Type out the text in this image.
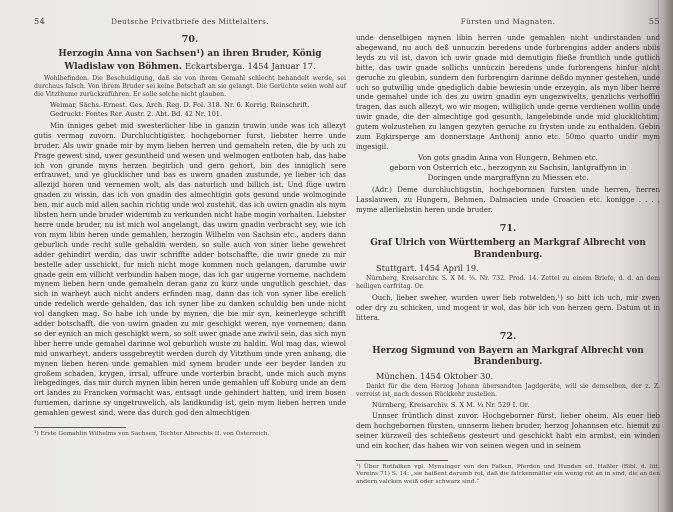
54	Deutsche Privatbriefe des Mittelalters.
70.
Herzogin Anna von Sachsen¹) an ihren Bruder, König Wladislaw von Böhmen. Eckartsberga. 1454 Januar 17.
Wohlbefinden. Die Beschuldigung, daß sie von ihrem Gemahl schlecht behandelt werde, sei durchaus falsch. Von ihrem Bruder sei keine Botschaft an sie gelangt. Die Gerüchte seien wohl auf die Vitzthume zurückzuführen. Er solle solche nicht glauben.
Weimar, Sächs.-Ernest. Ges. Arch. Reg. D. Fol. 318. Nr. 6. Korrig. Reinschrift.
Gedruckt: Fontes Rer. Austr. 2. Abt. Bd. 42 Nr. 101.
Min inniges gebet mid swesterlicher libe in ganzin truwin unde was ich allezyt gutis vermag zuvorn. Durchluchtigister, hochgeborner furst, liebster herre unde bruder. Als uwir gnade mir by mym lieben herren und gemaheln reten, die by uch zu Prage gewest sind, uwer gesuntheid und wesen und welmogen entboten hab, das habe ich von grunde myns herzen begirlich und gern gehort, bin des inniglich sere erfrauwet, und ye glucklicher und bas es uwern gnaden zustunde, ye lieber ich das allezijd horen und vernemen wolt, als das naturlich und billich ist. Und füge uwirn gnaden zu wissin, das ich von gnadin des almechtigin gots gesund unde wolmoginde ben, mir auch mid allen sachin richtig unde wol zustehit, das ich uwirn gnadin als mym libsten hern unde bruder widerumb zu verkunden nicht habe mogin vorhalten. Liebster herre unde bruder, nu ist mich wol angelangt, das uwirn gnadin verbracht sey, wie ich von mym libin heren unde gemahlen, herzogin Wilhelm von Sachsin etc., anders dann geburlich unde recht sulle gehaldin werden, so sulle auch von siner liebe gewehret adder gehindirt werdin, das uwir schriffte adder botschaffte, die uwir gnede zu mir bestelle ader usschickt, fur mich nicht moge kommen noch gelangen, darumbe uwir gnade gein em villicht verbundin haben moge, das ich gar ungerne vorneme, nachdem mynem lieben hern unde gemaheln deran ganz zu kurz unde ungutlich geschiet, das sich in warheyt auch nicht anders erfinden mag, dann das ich von syner libe erelich unde redelich werde gehalden, das ich syner libe zu danken schuldig ben unde nicht vol dangken mag. So habe ich unde by mynen, die bie mir syn, keinerleyge schrifft adder botschafft, die von uwirn gnaden zu mir geschigkt weren, nye vornemen; dann so der eynich an mich geschigkt wern, so solt uwer gnade ane zwivil sein, das sich myn liber herre unde gemahel darinne wol geburlich wuste zu haldin. Wol mag das, wiewol mid unwarheyt, anders ussgebreytit werden durch dy Vitzthum unde yren anhang, die mynen lieben heren unde gemahlen mid synem bruder unde eer beyder landen zu großem schaden, krygen, irrsal, uffrure unde vorterbin bracht, unde mich auch myns liebgedinges, das mir durch mynen libin heren unde gemahlen uff Koburg unde an dem ort landes zu Francken vormacht was, entsagt unde gehindert hatten, und irem bosen furnemen, darinne sy ungetruwelich, als landkundig ist, gein mym lieben herren unde gemahlen gewest sind, were das durch god den almechtigen
¹) Erste Gemahlin Wilhelms von Sachsen, Tochter Albrechts II. von Österreich.
Fürsten und Magnaten.	55
unde denselbigen mynen libin herren unde gemahlen nicht undirstanden und abegewand, nu auch deß unnuczin beredens unde furbrengins adder anders ubils leyds zu vil ist, davon ich uwir gnade mid demutigin fließe fruntlich unde gutlich bitte, das uwir gnade sollichs unnüczin beredens unde furbrengens hinfur nicht geruche zu gleubin, sundern den furbrengirn darinne deßdo mynner gestehen, unde uch so gutwillig unde gnediglich dabie bewiesin unde erzeygin, als myn liber herre unde gemahel unde ich des zu uwirn gnadin eyn ungezwivelts, genzlichs verhoffin tragen, das auch allezyt, wo wir mogen, williglich unde gerne verdienen wollin unde uwir gnade, die der almechtige god gesunth, langelebinde unde mid glucklichtim, gutem wolzustehen zu langen gezyten geruche zu frysten unde zu enthalden. Gebin zum Egkirsperge am donnerstage Anthonij anno etc. 50mo quarto undir mym ingesigil.
Von gots gnadin Anna von Hungern, Behmen etc.
geborn von Osterrich etc., herzogynn zu Sachsin, lantgraffynn in
Doringen unde margraffynn zu Miessen etc.
(Adr.) Deme durchluchtigstin, hochgebornnen fursten unde herren, herren Lasslauwen, zu Hungern, Behmen, Dalmacien unde Croacien etc. konigge . . . , myme allerliebstin heren unde bruder.
71.
Graf Ulrich von Württemberg an Markgraf Albrecht von Brandenburg.
Stuttgart. 1454 April 19.
Nürnberg, Kreisarchiv. S. X M. ⅛. Nr. 732. Prod. 14. Zettel zu einem Briefe, d. d. an dem heiligen carfritag. Or.
Ouch, lieber sweher, wurden uwer lieb rotwelden,¹) so bitt ich uch, mir zwen oder dry zu schicken, und mogent ir wol, das hör ich von herzen gern. Datum ut in littera.
72.
Herzog Sigmund von Bayern an Markgraf Albrecht von Brandenburg.
München. 1454 Oktober 30.
Dankt für die dem Herzog Johann übersandten Jagdgeräte, will sie demselben, der z. Z. verreist ist, nach dessen Rückkehr zustellen.
Nürnberg, Kreisarchiv. S. X M. ¼ Nr. 529 I. Or.
Unnser früntlich dinst zuvor. Hochgeborner fürst, lieber oheim. Als euer lieb dem hochgebornen fürsten, unnserm lieben bruder, herzog Johannsen etc. hiemit zu seiner kürzweil des schießens gesteurt und geschickt habt ein armbst, ein winden und ein kocher, das haben wir von seinen wegen und in seinem
¹) Über Rotfalken vgl. Mynsinger von den Falken, Pferden und Hunden ed. Haßler (Bibl. d. litt. Vereins 71) S. 14: „sie haißent darumb rot, daß die falckenmäller ein wenig rot an in sind, die an den andern valcken weiß oder schwarz sind.“
